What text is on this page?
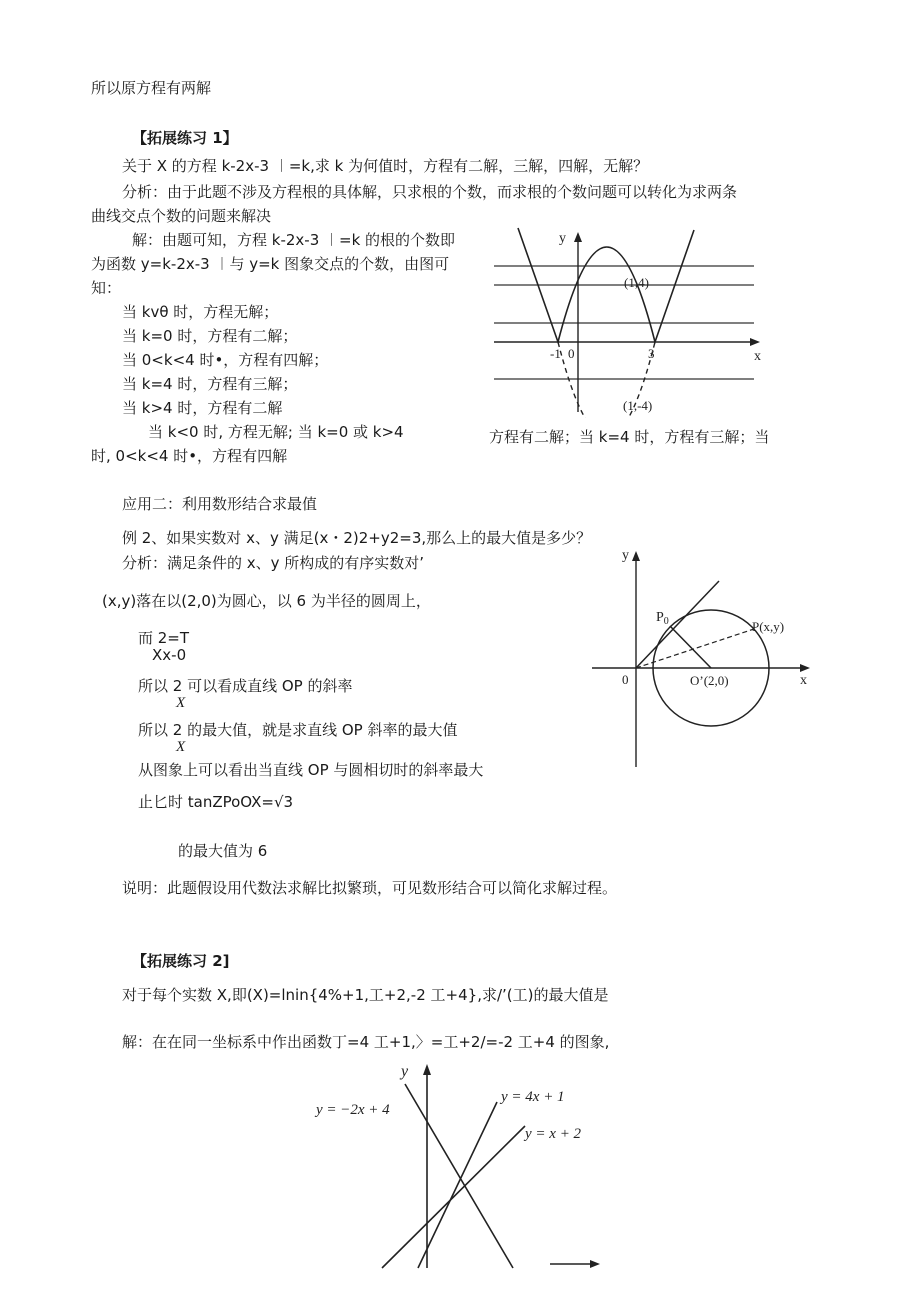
所以原方程有两解
【拓展练习 1】
关于 X 的方程 k-2x-3 ︱=k,求 k 为何值时，方程有二解，三解，四解，无解？
分析：由于此题不涉及方程根的具体解，只求根的个数，而求根的个数问题可以转化为求两条
曲线交点个数的问题来解决
解：由题可知，方程 k-2x-3 ︱=k 的根的个数即
为函数 y=k-2x-3 ︱与 y=k 图象交点的个数，由图可
知：
当 kvθ 时，方程无解；
当 k=0 时，方程有二解；
当 0<k<4 时•，方程有四解；
当 k=4 时，方程有三解；
当 k>4 时，方程有二解
当 k<0 时, 方程无解; 当 k=0 或 k>4
时, 0<k<4 时•，方程有四解
方程有二解；当 k=4 时，方程有三解；当
y
x
(1,4)
(1,-4)
-1 0	3
应用二：利用数形结合求最值
例 2、如果实数对 x、y 满足(x・2)2+y2=3,那么上的最大值是多少？
分析：满足条件的 x、y 所构成的有序实数对’
(x,y)落在以(2,0)为圆心，以 6 为半径的圆周上，
而 2=T
Xx-0
所以 2 可以看成直线 OP 的斜率
X
所以 2 的最大值，就是求直线 OP 斜率的最大值
X
从图象上可以看出当直线 OP 与圆相切时的斜率最大
止匕时 tanZPoOX=√3
的最大值为 6
说明：此题假设用代数法求解比拟繁琐，可见数形结合可以简化求解过程。
y
x
$P_0$	P(x,y)
0	O’(2,0)
【拓展练习 2]
对于每个实数 X,即(X)=lnin{4%+1,工+2,-2 工+4},求/’(工)的最大值是
解：在在同一坐标系中作出函数丁=4 工+1,〉=工+2/=-2 工+4 的图象,
y
y = −2x + 4
y = 4x + 1
y = x + 2
